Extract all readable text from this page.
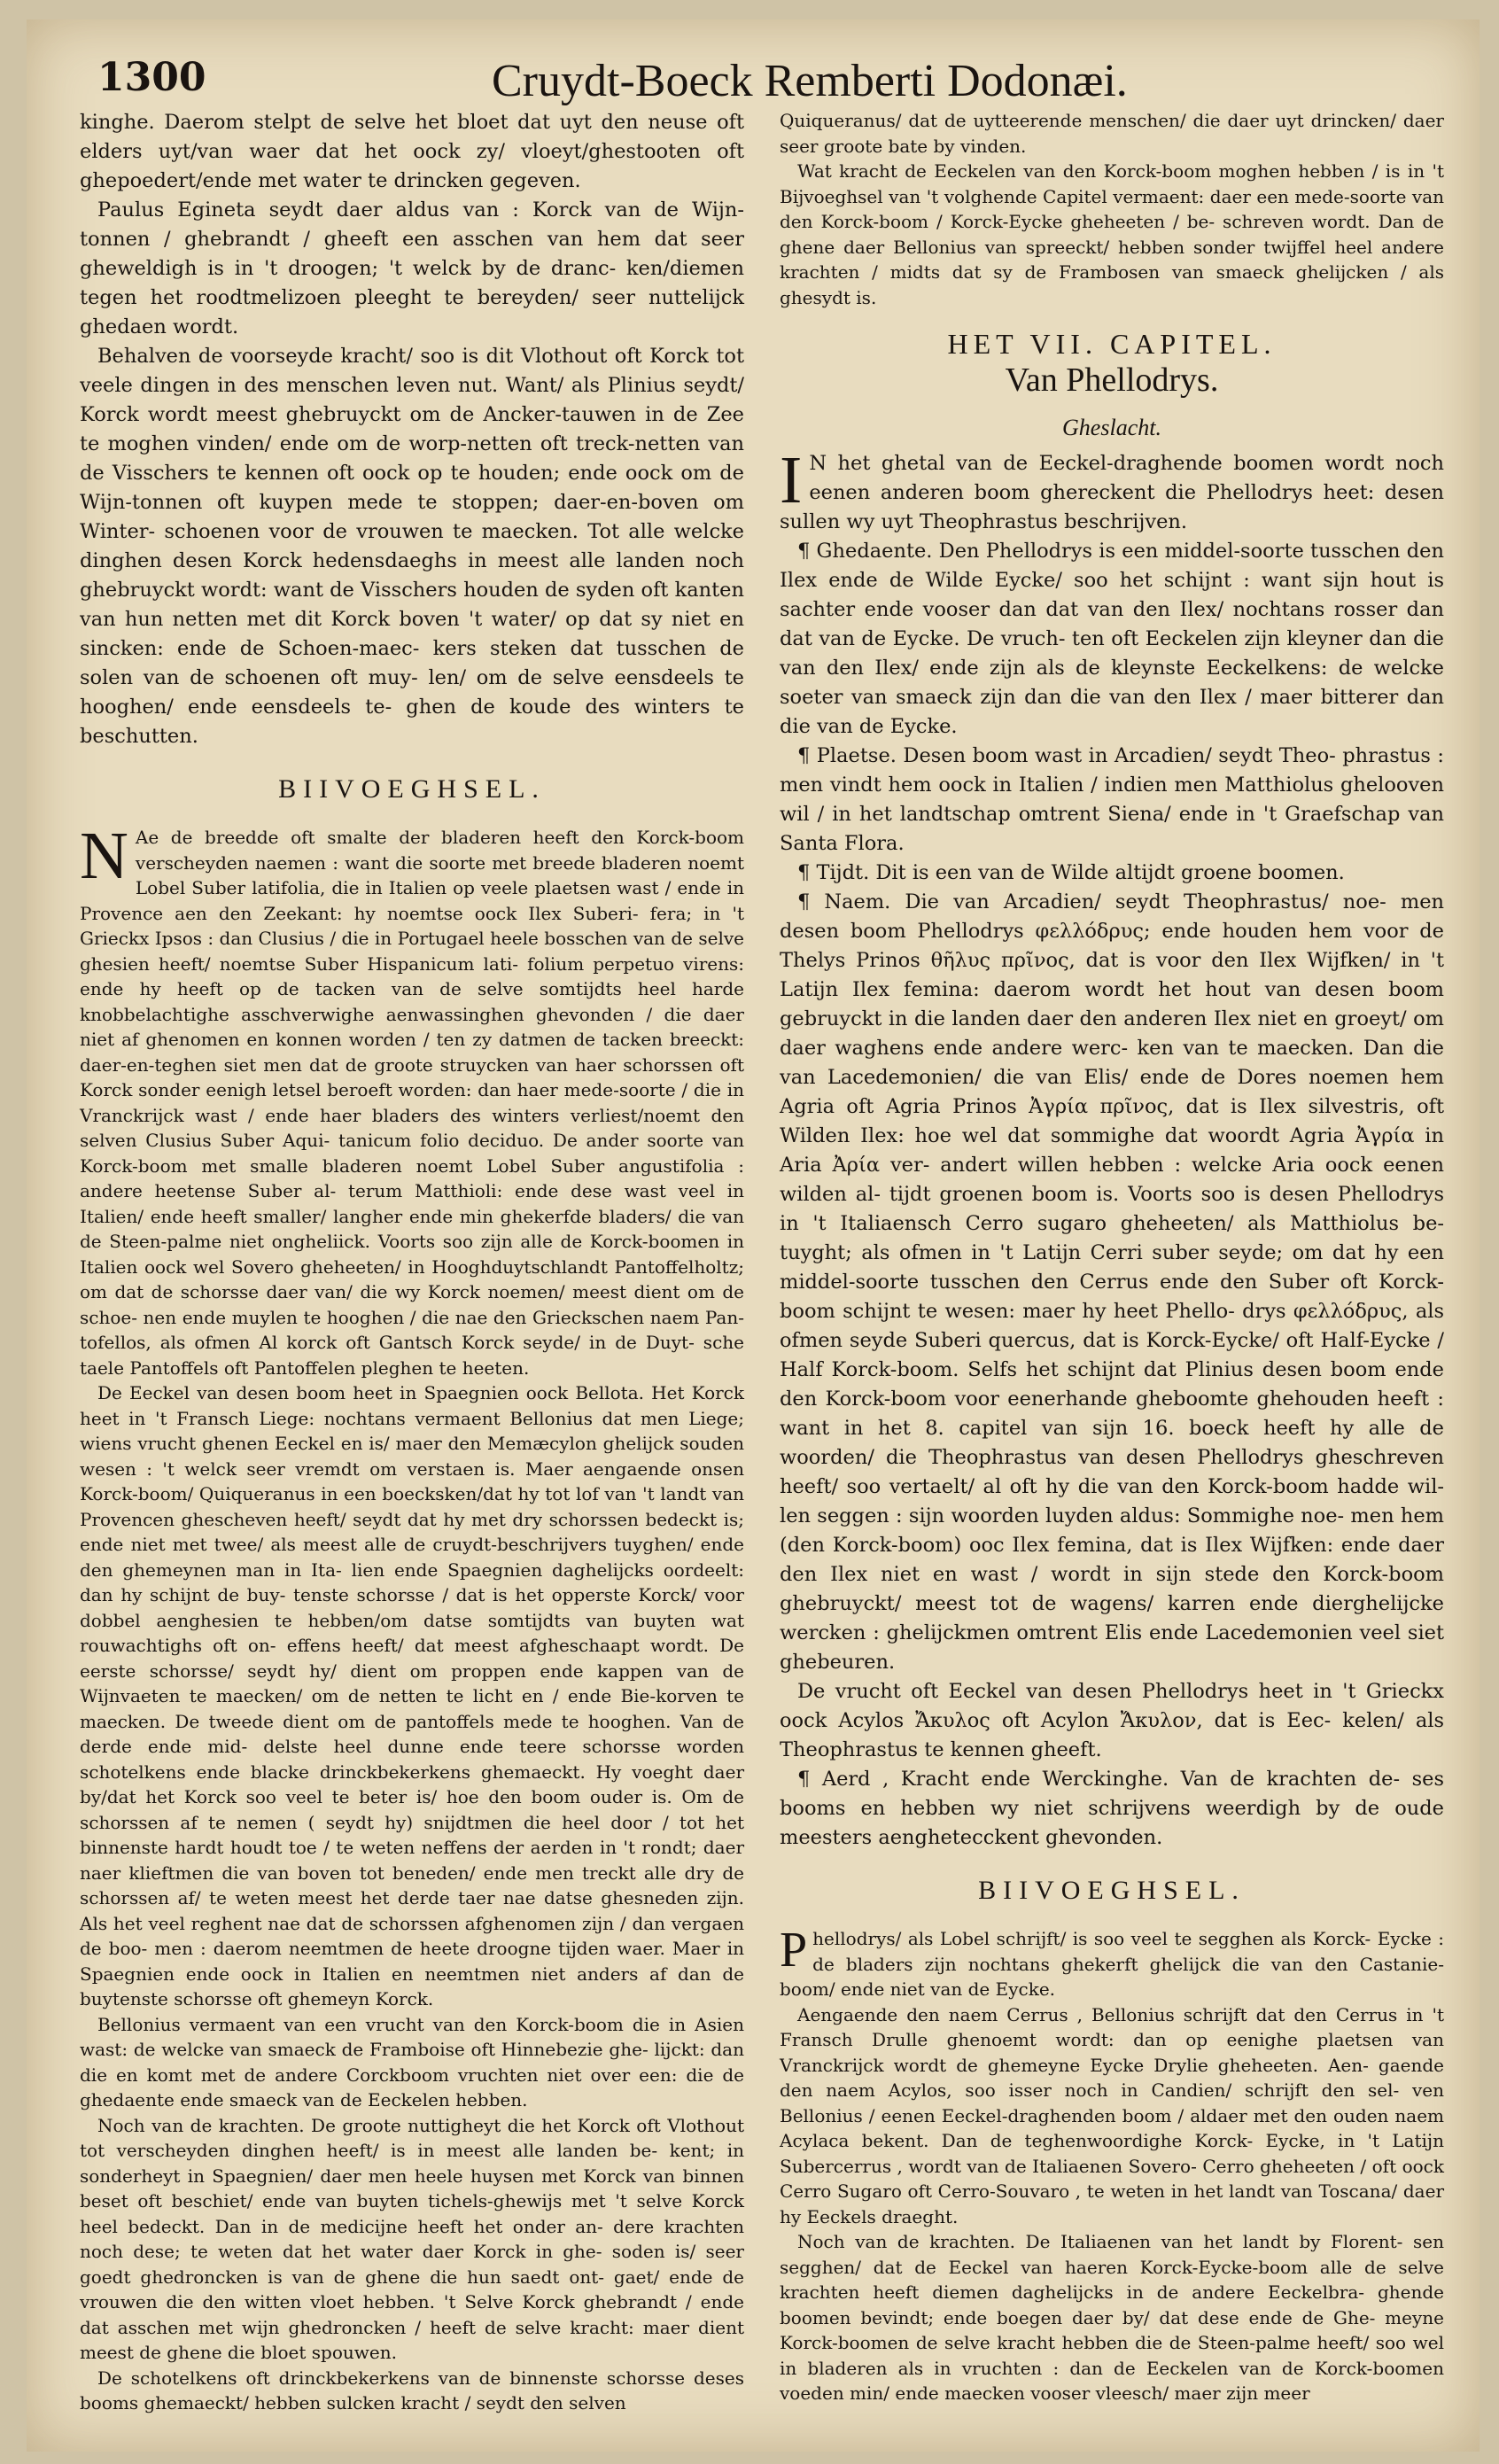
1300	Cruydt-Boeck Remberti Dodonæi.

kinghe. Daerom stelpt de selve het bloet dat uyt den neuse oft elders uyt/van waer dat het oock zy/ vloeyt/ghestooten oft ghepoedert/ende met water te drincken gegeven.

Paulus Egineta seydt daer aldus van : Korck van de Wijn-tonnen / ghebrandt / gheeft een asschen van hem dat seer gheweldigh is in 't droogen; 't welck by de dranc- ken/diemen tegen het roodtmelizoen pleeght te bereyden/ seer nuttelijck ghedaen wordt.

Behalven de voorseyde kracht/ soo is dit Vlothout oft Korck tot veele dingen in des menschen leven nut. Want/ als Plinius seydt/ Korck wordt meest ghebruyckt om de Ancker-tauwen in de Zee te moghen vinden/ ende om de worp-netten oft treck-netten van de Visschers te kennen oft oock op te houden; ende oock om de Wijn-tonnen oft kuypen mede te stoppen; daer-en-boven om Winter- schoenen voor de vrouwen te maecken. Tot alle welcke dinghen desen Korck hedensdaeghs in meest alle landen noch ghebruyckt wordt: want de Visschers houden de syden oft kanten van hun netten met dit Korck boven 't water/ op dat sy niet en sincken: ende de Schoen-maec- kers steken dat tusschen de solen van de schoenen oft muy- len/ om de selve eensdeels te hooghen/ ende eensdeels te- ghen de koude des winters te beschutten.

BIIVOEGHSEL.
N Ae de breedde oft smalte der bladeren heeft den Korck-boom verscheyden naemen : want die soorte met breede bladeren noemt Lobel Suber latifolia, die in Italien op veele plaetsen wast / ende in Provence aen den Zeekant: hy noemtse oock Ilex Suberi- fera; in 't Grieckx Ipsos : dan Clusius / die in Portugael heele bosschen van de selve ghesien heeft/ noemtse Suber Hispanicum lati- folium perpetuo virens: ende hy heeft op de tacken van de selve somtijdts heel harde knobbelachtighe asschverwighe aenwassinghen ghevonden / die daer niet af ghenomen en konnen worden / ten zy datmen de tacken breeckt: daer-en-teghen siet men dat de groote struycken van haer schorssen oft Korck sonder eenigh letsel beroeft worden: dan haer mede-soorte / die in Vranckrijck wast / ende haer bladers des winters verliest/noemt den selven Clusius Suber Aqui- tanicum folio deciduo. De ander soorte van Korck-boom met smalle bladeren noemt Lobel Suber angustifolia : andere heetense Suber al- terum Matthioli: ende dese wast veel in Italien/ ende heeft smaller/ langher ende min ghekerfde bladers/ die van de Steen-palme niet ongheliick. Voorts soo zijn alle de Korck-boomen in Italien oock wel Sovero gheheeten/ in Hooghduytschlandt Pantoffelholtz; om dat de schorsse daer van/ die wy Korck noemen/ meest dient om de schoe- nen ende muylen te hooghen / die nae den Grieckschen naem Pan- tofellos, als ofmen Al korck oft Gantsch Korck seyde/ in de Duyt- sche taele Pantoffels oft Pantoffelen pleghen te heeten.

De Eeckel van desen boom heet in Spaegnien oock Bellota. Het Korck heet in 't Fransch Liege: nochtans vermaent Bellonius dat men Liege; wiens vrucht ghenen Eeckel en is/ maer den Memæcylon ghelijck souden wesen : 't welck seer vremdt om verstaen is. Maer aengaende onsen Korck-boom/ Quiqueranus in een boecksken/dat hy tot lof van 't landt van Provencen ghescheven heeft/ seydt dat hy met dry schorssen bedeckt is; ende niet met twee/ als meest alle de cruydt-beschrijvers tuyghen/ ende den ghemeynen man in Ita- lien ende Spaegnien daghelijcks oordeelt: dan hy schijnt de buy- tenste schorsse / dat is het opperste Korck/ voor dobbel aenghesien te hebben/om datse somtijdts van buyten wat rouwachtighs oft on- effens heeft/ dat meest afgheschaapt wordt. De eerste schorsse/ seydt hy/ dient om proppen ende kappen van de Wijnvaeten te maecken/ om de netten te licht en / ende Bie-korven te maecken. De tweede dient om de pantoffels mede te hooghen. Van de derde ende mid- delste heel dunne ende teere schorsse worden schotelkens ende blacke drinckbekerkens ghemaeckt. Hy voeght daer by/dat het Korck soo veel te beter is/ hoe den boom ouder is. Om de schorssen af te nemen ( seydt hy) snijdtmen die heel door / tot het binnenste hardt houdt toe / te weten neffens der aerden in 't rondt; daer naer klieftmen die van boven tot beneden/ ende men treckt alle dry de schorssen af/ te weten meest het derde taer nae datse ghesneden zijn. Als het veel reghent nae dat de schorssen afghenomen zijn / dan vergaen de boo- men : daerom neemtmen de heete droogne tijden waer. Maer in Spaegnien ende oock in Italien en neemtmen niet anders af dan de buytenste schorsse oft ghemeyn Korck.

Bellonius vermaent van een vrucht van den Korck-boom die in Asien wast: de welcke van smaeck de Framboise oft Hinnebezie ghe- lijckt: dan die en komt met de andere Corckboom vruchten niet over een: die de ghedaente ende smaeck van de Eeckelen hebben.

Noch van de krachten. De groote nuttigheyt die het Korck oft Vlothout tot verscheyden dinghen heeft/ is in meest alle landen be- kent; in sonderheyt in Spaegnien/ daer men heele huysen met Korck van binnen beset oft beschiet/ ende van buyten tichels-ghewijs met 't selve Korck heel bedeckt. Dan in de medicijne heeft het onder an- dere krachten noch dese; te weten dat het water daer Korck in ghe- soden is/ seer goedt ghedroncken is van de ghene die hun saedt ont- gaet/ ende de vrouwen die den witten vloet hebben. 't Selve Korck ghebrandt / ende dat asschen met wijn ghedroncken / heeft de selve kracht: maer dient meest de ghene die bloet spouwen.

De schotelkens oft drinckbekerkens van de binnenste schorsse deses booms ghemaeckt/ hebben sulcken kracht / seydt den selven

Quiqueranus/ dat de uytteerende menschen/ die daer uyt drincken/ daer seer groote bate by vinden.

Wat kracht de Eeckelen van den Korck-boom moghen hebben / is in 't Bijvoeghsel van 't volghende Capitel vermaent: daer een mede-soorte van den Korck-boom / Korck-Eycke gheheeten / be- schreven wordt. Dan de ghene daer Bellonius van spreeckt/ hebben sonder twijffel heel andere krachten / midts dat sy de Frambosen van smaeck ghelijcken / als ghesydt is.

HET VII. CAPITEL.
Van Phellodrys.
Gheslacht.
I N het ghetal van de Eeckel-draghende boomen wordt noch eenen anderen boom ghereckent die Phellodrys heet: desen sullen wy uyt Theophrastus beschrijven.

¶ Ghedaente. Den Phellodrys is een middel-soorte tusschen den Ilex ende de Wilde Eycke/ soo het schijnt : want sijn hout is sachter ende vooser dan dat van den Ilex/ nochtans rosser dan dat van de Eycke. De vruch- ten oft Eeckelen zijn kleyner dan die van den Ilex/ ende zijn als de kleynste Eeckelkens: de welcke soeter van smaeck zijn dan die van den Ilex / maer bitterer dan die van de Eycke.

¶ Plaetse. Desen boom wast in Arcadien/ seydt Theo- phrastus : men vindt hem oock in Italien / indien men Matthiolus ghelooven wil / in het landtschap omtrent Siena/ ende in 't Graefschap van Santa Flora.

¶ Tijdt. Dit is een van de Wilde altijdt groene boomen.

¶ Naem. Die van Arcadien/ seydt Theophrastus/ noe- men desen boom Phellodrys φελλόδρυς; ende houden hem voor de Thelys Prinos θῆλυς πρῖνος, dat is voor den Ilex Wijfken/ in 't Latijn Ilex femina: daerom wordt het hout van desen boom gebruyckt in die landen daer den anderen Ilex niet en groeyt/ om daer waghens ende andere werc- ken van te maecken. Dan die van Lacedemonien/ die van Elis/ ende de Dores noemen hem Agria oft Agria Prinos Ἀγρία πρῖνος, dat is Ilex silvestris, oft Wilden Ilex: hoe wel dat sommighe dat woordt Agria Ἀγρία in Aria Ἀρία ver- andert willen hebben : welcke Aria oock eenen wilden al- tijdt groenen boom is. Voorts soo is desen Phellodrys in 't Italiaensch Cerro sugaro gheheeten/ als Matthiolus be- tuyght; als ofmen in 't Latijn Cerri suber seyde; om dat hy een middel-soorte tusschen den Cerrus ende den Suber oft Korck-boom schijnt te wesen: maer hy heet Phello- drys φελλόδρυς, als ofmen seyde Suberi quercus, dat is Korck-Eycke/ oft Half-Eycke / Half Korck-boom. Selfs het schijnt dat Plinius desen boom ende den Korck-boom voor eenerhande gheboomte ghehouden heeft : want in het 8. capitel van sijn 16. boeck heeft hy alle de woorden/ die Theophrastus van desen Phellodrys gheschreven heeft/ soo vertaelt/ al oft hy die van den Korck-boom hadde wil- len seggen : sijn woorden luyden aldus: Sommighe noe- men hem (den Korck-boom) ooc Ilex femina, dat is Ilex Wijfken: ende daer den Ilex niet en wast / wordt in sijn stede den Korck-boom ghebruyckt/ meest tot de wagens/ karren ende dierghelijcke wercken : ghelijckmen omtrent Elis ende Lacedemonien veel siet ghebeuren.

De vrucht oft Eeckel van desen Phellodrys heet in 't Grieckx oock Acylos Ἄκυλος oft Acylon Ἄκυλον, dat is Eec- kelen/ als Theophrastus te kennen gheeft.

¶ Aerd , Kracht ende Werckinghe. Van de krachten de- ses booms en hebben wy niet schrijvens weerdigh by de oude meesters aenghetecckent ghevonden.

BIIVOEGHSEL.
P hellodrys/ als Lobel schrijft/ is soo veel te segghen als Korck- Eycke : de bladers zijn nochtans ghekerft ghelijck die van den Castanie-boom/ ende niet van de Eycke.

Aengaende den naem Cerrus , Bellonius schrijft dat den Cerrus in 't Fransch Drulle ghenoemt wordt: dan op eenighe plaetsen van Vranckrijck wordt de ghemeyne Eycke Drylie gheheeten. Aen- gaende den naem Acylos, soo isser noch in Candien/ schrijft den sel- ven Bellonius / eenen Eeckel-draghenden boom / aldaer met den ouden naem Acylaca bekent. Dan de teghenwoordighe Korck- Eycke, in 't Latijn Subercerrus , wordt van de Italiaenen Sovero- Cerro gheheeten / oft oock Cerro Sugaro oft Cerro-Souvaro , te weten in het landt van Toscana/ daer hy Eeckels draeght.

Noch van de krachten. De Italiaenen van het landt by Florent- sen segghen/ dat de Eeckel van haeren Korck-Eycke-boom alle de selve krachten heeft diemen daghelijcks in de andere Eeckelbra- ghende boomen bevindt; ende boegen daer by/ dat dese ende de Ghe- meyne Korck-boomen de selve kracht hebben die de Steen-palme heeft/ soo wel in bladeren als in vruchten : dan de Eeckelen van de Korck-boomen voeden min/ ende maecken vooser vleesch/ maer zijn meer
